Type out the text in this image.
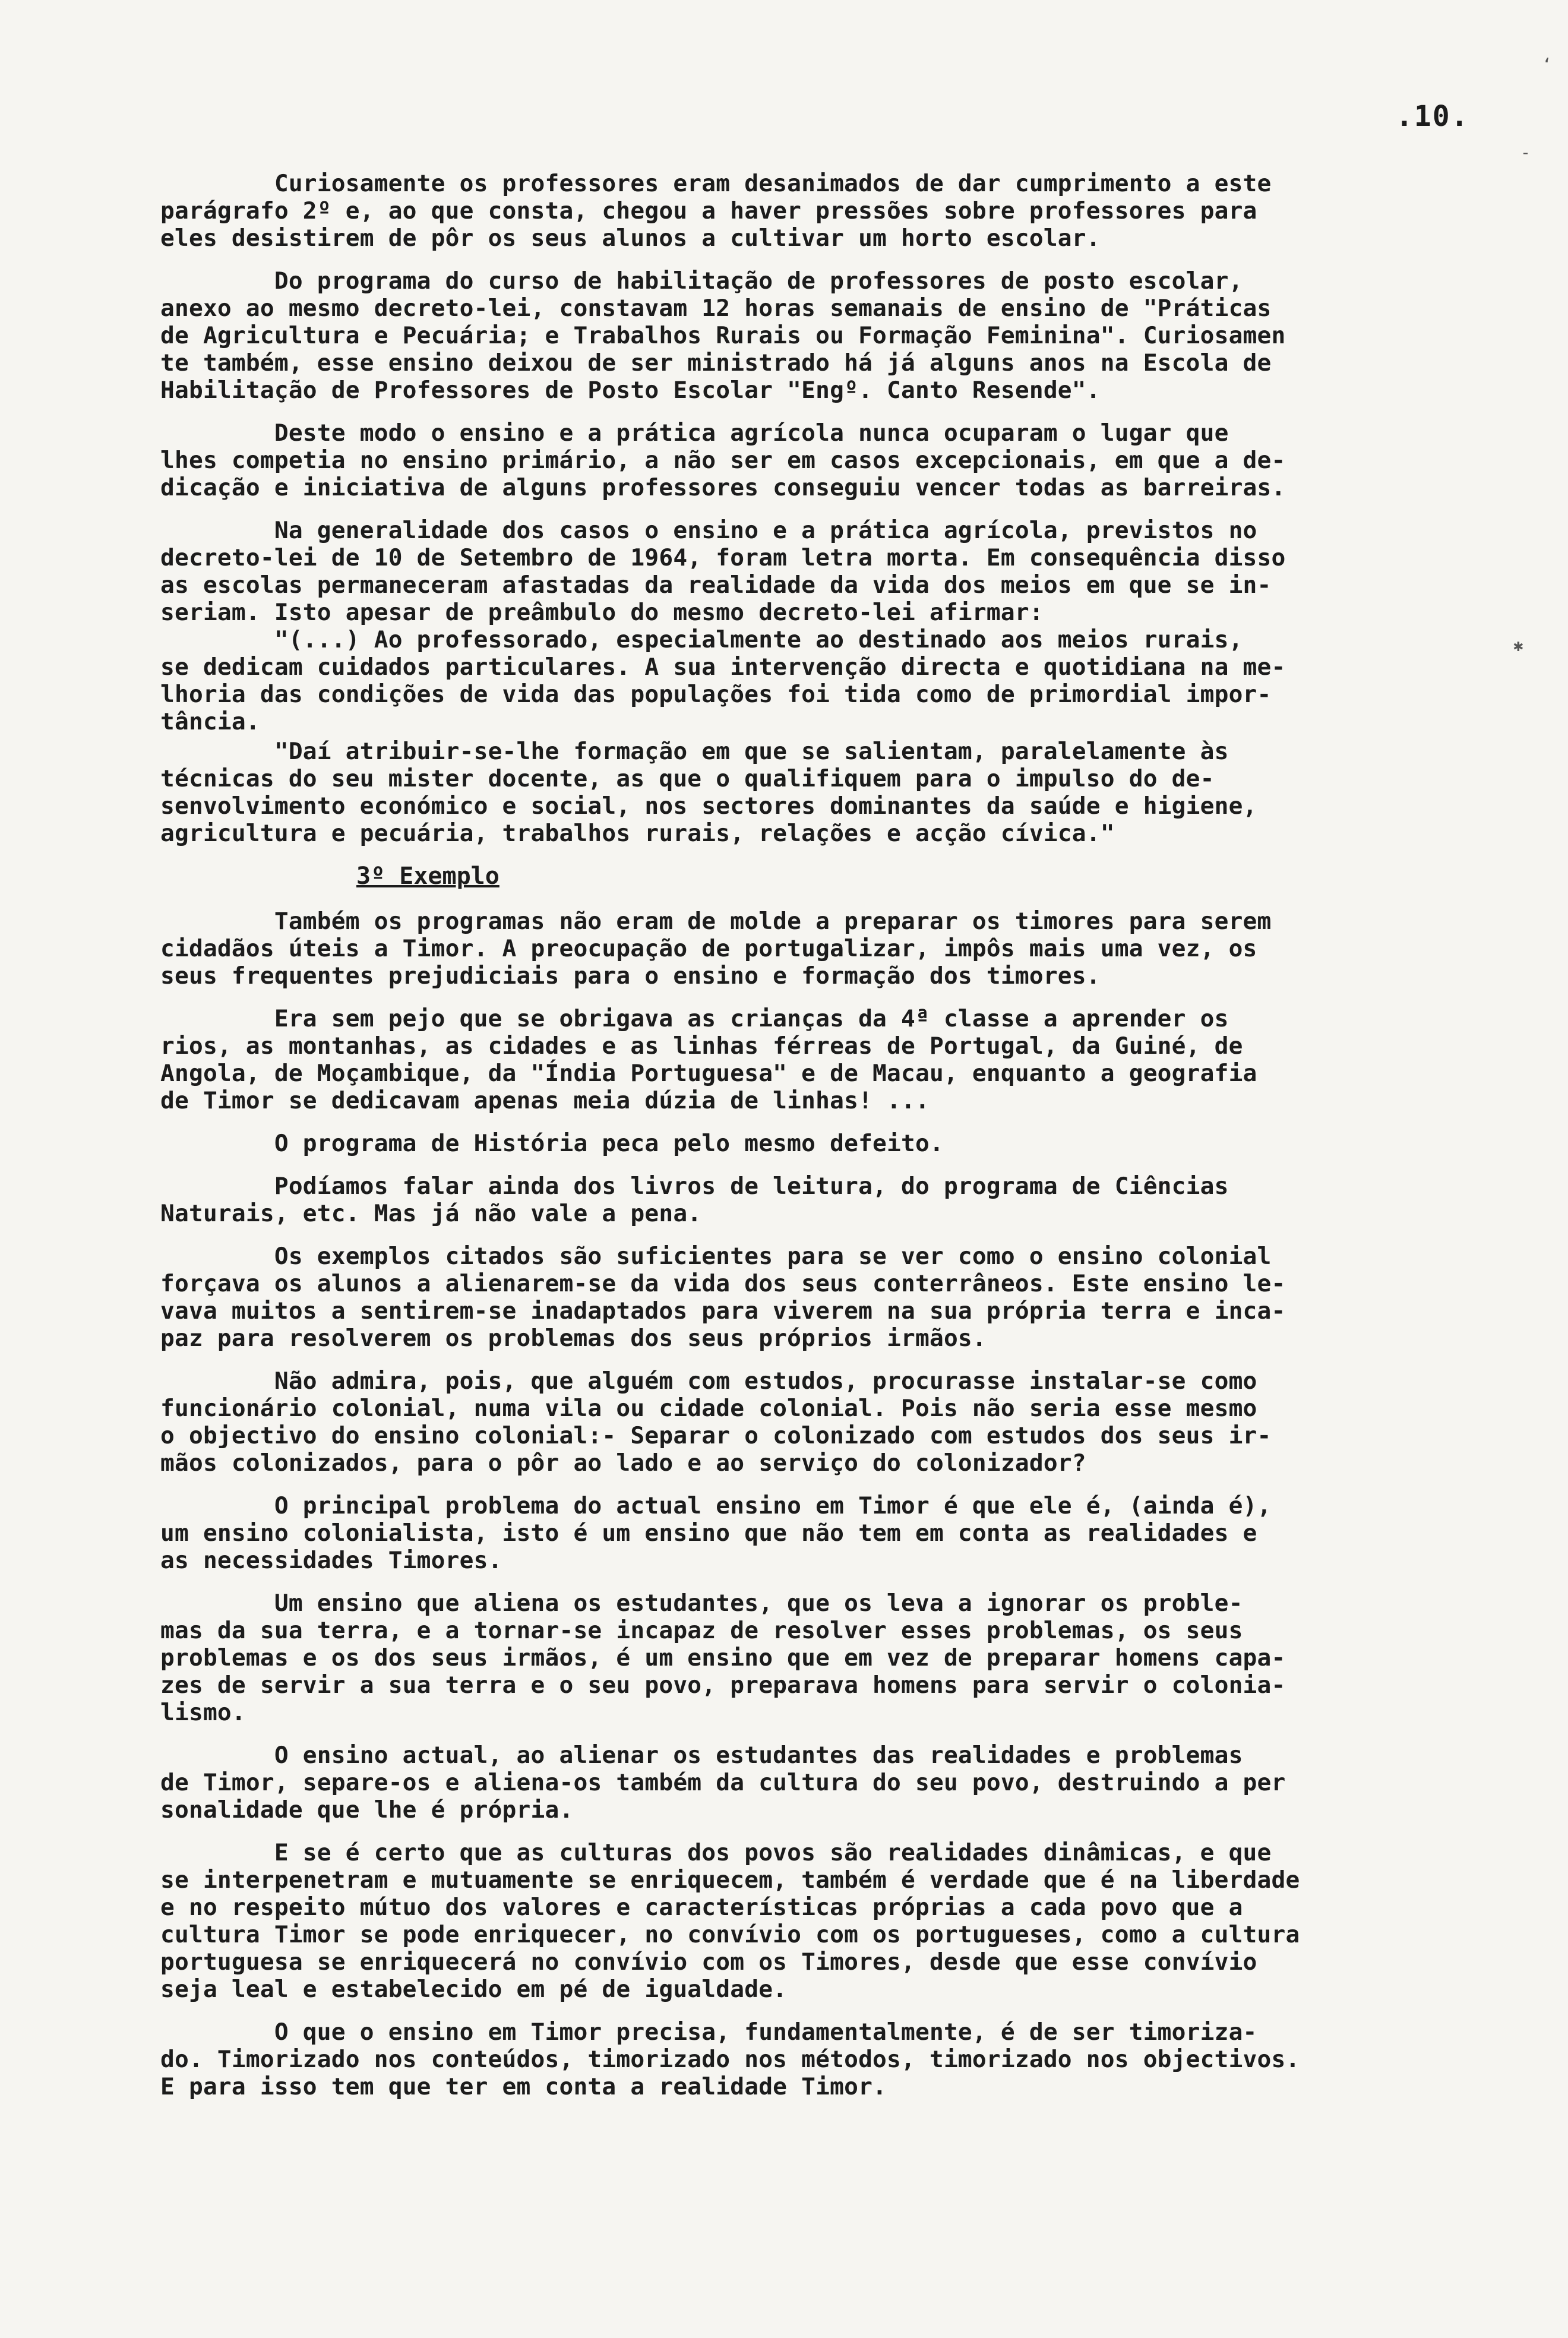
.10.
‘
-
✱
Curiosamente os professores eram desanimados de dar cumprimento a este
parágrafo 2º e, ao que consta, chegou a haver pressões sobre professores para
eles desistirem de pôr os seus alunos a cultivar um horto escolar.
Do programa do curso de habilitação de professores de posto escolar,
anexo ao mesmo decreto-lei, constavam 12 horas semanais de ensino de "Práticas
de Agricultura e Pecuária; e Trabalhos Rurais ou Formação Feminina". Curiosamen
te também, esse ensino deixou de ser ministrado há já alguns anos na Escola de
Habilitação de Professores de Posto Escolar "Engº. Canto Resende".
Deste modo o ensino e a prática agrícola nunca ocuparam o lugar que
lhes competia no ensino primário, a não ser em casos excepcionais, em que a de-
dicação e iniciativa de alguns professores conseguiu vencer todas as barreiras.
Na generalidade dos casos o ensino e a prática agrícola, previstos no
decreto-lei de 10 de Setembro de 1964, foram letra morta. Em consequência disso
as escolas permaneceram afastadas da realidade da vida dos meios em que se in-
seriam. Isto apesar de preâmbulo do mesmo decreto-lei afirmar:
"(...) Ao professorado, especialmente ao destinado aos meios rurais,
se dedicam cuidados particulares. A sua intervenção directa e quotidiana na me-
lhoria das condições de vida das populações foi tida como de primordial impor-
tância.
"Daí atribuir-se-lhe formação em que se salientam, paralelamente às
técnicas do seu mister docente, as que o qualifiquem para o impulso do de-
senvolvimento económico e social, nos sectores dominantes da saúde e higiene,
agricultura e pecuária, trabalhos rurais, relações e acção cívica."
3º Exemplo
Também os programas não eram de molde a preparar os timores para serem
cidadãos úteis a Timor. A preocupação de portugalizar, impôs mais uma vez, os
seus frequentes prejudiciais para o ensino e formação dos timores.
Era sem pejo que se obrigava as crianças da 4ª classe a aprender os
rios, as montanhas, as cidades e as linhas férreas de Portugal, da Guiné, de
Angola, de Moçambique, da "Índia Portuguesa" e de Macau, enquanto a geografia
de Timor se dedicavam apenas meia dúzia de linhas! ...
O programa de História peca pelo mesmo defeito.
Podíamos falar ainda dos livros de leitura, do programa de Ciências
Naturais, etc. Mas já não vale a pena.
Os exemplos citados são suficientes para se ver como o ensino colonial
forçava os alunos a alienarem-se da vida dos seus conterrâneos. Este ensino le-
vava muitos a sentirem-se inadaptados para viverem na sua própria terra e inca-
paz para resolverem os problemas dos seus próprios irmãos.
Não admira, pois, que alguém com estudos, procurasse instalar-se como
funcionário colonial, numa vila ou cidade colonial. Pois não seria esse mesmo
o objectivo do ensino colonial:- Separar o colonizado com estudos dos seus ir-
mãos colonizados, para o pôr ao lado e ao serviço do colonizador?
O principal problema do actual ensino em Timor é que ele é, (ainda é),
um ensino colonialista, isto é um ensino que não tem em conta as realidades e
as necessidades Timores.
Um ensino que aliena os estudantes, que os leva a ignorar os proble-
mas da sua terra, e a tornar-se incapaz de resolver esses problemas, os seus
problemas e os dos seus irmãos, é um ensino que em vez de preparar homens capa-
zes de servir a sua terra e o seu povo, preparava homens para servir o colonia-
lismo.
O ensino actual, ao alienar os estudantes das realidades e problemas
de Timor, separe-os e aliena-os também da cultura do seu povo, destruindo a per
sonalidade que lhe é própria.
E se é certo que as culturas dos povos são realidades dinâmicas, e que
se interpenetram e mutuamente se enriquecem, também é verdade que é na liberdade
e no respeito mútuo dos valores e características próprias a cada povo que a
cultura Timor se pode enriquecer, no convívio com os portugueses, como a cultura
portuguesa se enriquecerá no convívio com os Timores, desde que esse convívio
seja leal e estabelecido em pé de igualdade.
O que o ensino em Timor precisa, fundamentalmente, é de ser timoriza-
do. Timorizado nos conteúdos, timorizado nos métodos, timorizado nos objectivos.
E para isso tem que ter em conta a realidade Timor.
